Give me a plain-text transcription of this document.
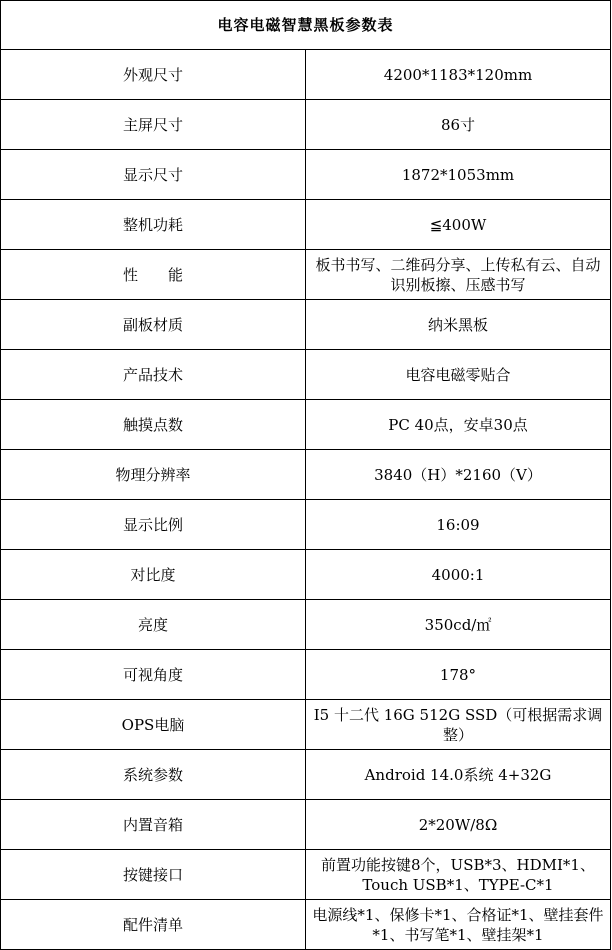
电容电磁智慧黑板参数表	
外观尺寸	4200*1183*120mm
主屏尺寸	86寸
显示尺寸	1872*1053mm
整机功耗	≦400W
性　　能	板书书写、二维码分享、上传私有云、自动识别板擦、压感书写
副板材质	纳米黑板
产品技术	电容电磁零贴合
触摸点数	PC 40点，安卓30点
物理分辨率	3840（H）*2160（V）
显示比例	16:09
对比度	4000:1
亮度	350cd/㎡
可视角度	178°
OPS电脑	I5 十二代 16G 512G SSD（可根据需求调整）
系统参数	Android 14.0系统 4+32G
内置音箱	2*20W/8Ω
按键接口	前置功能按键8个，USB*3、HDMI*1、Touch USB*1、TYPE-C*1
配件清单	电源线*1、保修卡*1、合格证*1、壁挂套件*1、书写笔*1、壁挂架*1
